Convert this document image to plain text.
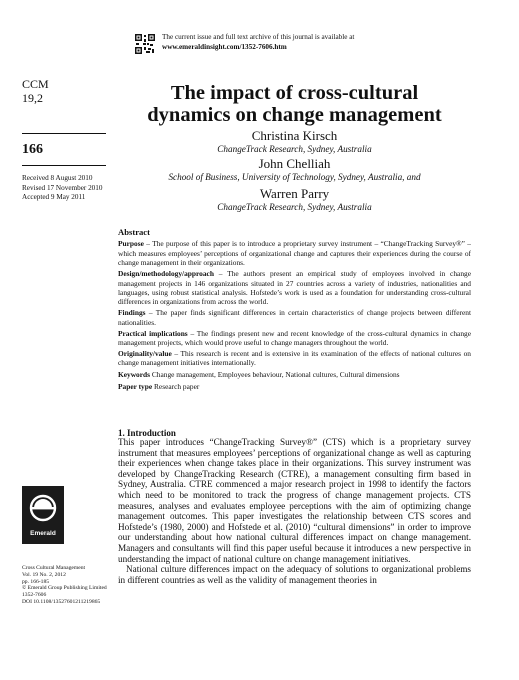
The current issue and full text archive of this journal is available at
www.emeraldinsight.com/1352-7606.htm
CCM
19,2
166
Received 8 August 2010
Revised 17 November 2010
Accepted 9 May 2011
Emerald
Cross Cultural Management
Vol. 19 No. 2, 2012
pp. 166-185
© Emerald Group Publishing Limited
1352-7606
DOI 10.1108/13527601211219865
The impact of cross-cultural
dynamics on change management
Christina Kirsch
ChangeTrack Research, Sydney, Australia
John Chelliah
School of Business, University of Technology, Sydney, Australia, and
Warren Parry
ChangeTrack Research, Sydney, Australia
Abstract

Purpose – The purpose of this paper is to introduce a proprietary survey instrument – “ChangeTracking Survey®” – which measures employees’ perceptions of organizational change and captures their experiences during the course of change management in their organizations.

Design/methodology/approach – The authors present an empirical study of employees involved in change management projects in 146 organizations situated in 27 countries across a variety of industries, nationalities and languages, using robust statistical analysis. Hofstede’s work is used as a foundation for understanding cross-cultural differences in organizations from across the world.

Findings – The paper finds significant differences in certain characteristics of change projects between different nationalities.

Practical implications – The findings present new and recent knowledge of the cross-cultural dynamics in change management projects, which would prove useful to change managers throughout the world.

Originality/value – This research is recent and is extensive in its examination of the effects of national cultures on change management initiatives internationally.

Keywords Change management, Employees behaviour, National cultures, Cultural dimensions

Paper type Research paper

1. Introduction

This paper introduces “ChangeTracking Survey®” (CTS) which is a proprietary survey instrument that measures employees’ perceptions of organizational change as well as capturing their experiences when change takes place in their organizations. This survey instrument was developed by ChangeTracking Research (CTRE), a management consulting firm based in Sydney, Australia. CTRE commenced a major research project in 1998 to identify the factors which need to be monitored to track the progress of change management projects. CTS measures, analyses and evaluates employee perceptions with the aim of optimizing change management outcomes. This paper investigates the relationship between CTS scores and Hofstede’s (1980, 2000) and Hofstede et al. (2010) “cultural dimensions” in order to improve our understanding about how national cultural differences impact on change management. Managers and consultants will find this paper useful because it introduces a new perspective in understanding the impact of national culture on change management initiatives.

National culture differences impact on the adequacy of solutions to organizational problems in different countries as well as the validity of management theories in
